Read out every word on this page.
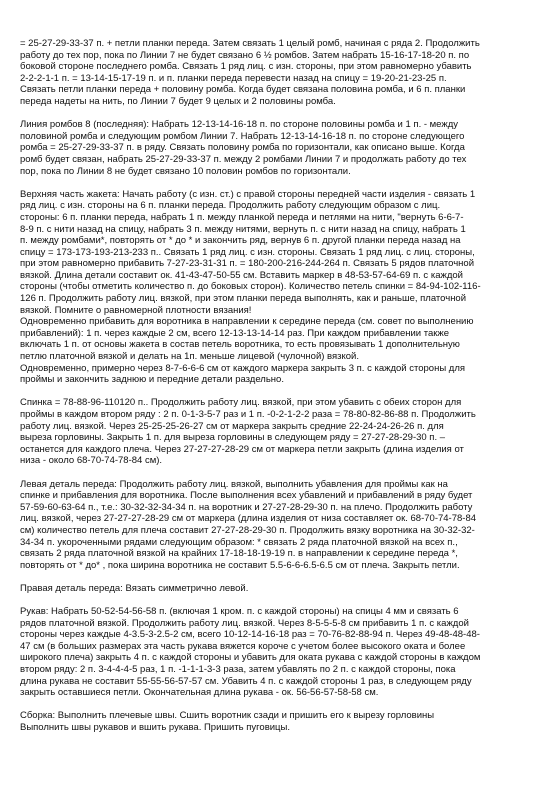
= 25-27-29-33-37 п. + петли планки переда. Затем связать 1 целый ромб, начиная с ряда 2. Продолжить
работу до тех пор, пока по Линии 7 не будет связано 6 ½ ромбов. Затем набрать 15-16-17-18-20 п. по
боковой стороне последнего ромба. Связать 1 ряд лиц. с изн. стороны, при этом равномерно убавить
2-2-2-1-1 п. = 13-14-15-17-19 п. и п. планки переда перевести назад на спицу = 19-20-21-23-25 п.
Связать петли планки переда + половину ромба. Когда будет связана половина ромба, и 6 п. планки
переда надеты на нить, по Линии 7 будет 9 целых и 2 половины ромба.
Линия ромбов 8 (последняя): Набрать 12-13-14-16-18 п. по стороне половины ромба и 1 п. - между
половиной ромба и следующим ромбом Линии 7. Набрать 12-13-14-16-18 п. по стороне следующего
ромба = 25-27-29-33-37 п. в ряду. Связать половину ромба по горизонтали, как описано выше. Когда
ромб будет связан, набрать 25-27-29-33-37 п. между 2 ромбами Линии 7 и продолжать работу до тех
пор, пока по Линии 8 не будет связано 10 половин ромбов по горизонтали.
Верхняя часть жакета: Начать работу (с изн. ст.) с правой стороны передней части изделия - связать 1
ряд лиц. с изн. стороны на 6 п. планки переда. Продолжить работу следующим образом с лиц.
стороны: 6 п. планки переда, набрать 1 п. между планкой переда и петлями на нити, "вернуть 6-6-7-
8-9 п. с нити назад на спицу, набрать 3 п. между нитями, вернуть п. с нити назад на спицу, набрать 1
п. между ромбами*, повторять от * до * и закончить ряд, вернув 6 п. другой планки переда назад на
спицу = 173-173-193-213-233 п.. Связать 1 ряд лиц. с изн. стороны. Связать 1 ряд лиц. с лиц. стороны,
при этом равномерно прибавить 7-27-23-31-31 п. = 180-200-216-244-264 п. Связать 5 рядов платочной
вязкой. Длина детали составит ок. 41-43-47-50-55 см. Вставить маркер в 48-53-57-64-69 п. с каждой
стороны (чтобы отметить количество п. до боковых сторон). Количество петель спинки = 84-94-102-116-
126 п. Продолжить работу лиц. вязкой, при этом планки переда выполнять, как и раньше, платочной
вязкой. Помните о равномерной плотности вязания!
Одновременно прибавить для воротника в направлении к середине переда (см. совет по выполнению
прибавлений): 1 п. через каждые 2 см, всего 12-13-13-14-14 раз. При каждом прибавлении также
включать 1 п. от основы жакета в состав петель воротника, то есть провязывать 1 дополнительную
петлю платочной вязкой и делать на 1п. меньше лицевой (чулочной) вязкой.
Одновременно, примерно через 8-7-6-6-6 см от каждого маркера закрыть 3 п. с каждой стороны для
проймы и закончить заднюю и передние детали раздельно.
Спинка = 78-88-96-110120 п.. Продолжить работу лиц. вязкой, при этом убавить с обеих сторон для
проймы в каждом втором ряду : 2 п. 0-1-3-5-7 раз и 1 п. -0-2-1-2-2 раза = 78-80-82-86-88 п. Продолжить
работу лиц. вязкой. Через 25-25-25-26-27 см от маркера закрыть средние 22-24-24-26-26 п. для
выреза горловины. Закрыть 1 п. для выреза горловины в следующем ряду = 27-27-28-29-30 п. –
останется для каждого плеча. Через 27-27-27-28-29 см от маркера петли закрыть (длина изделия от
низа - около 68-70-74-78-84 см).
Левая деталь переда: Продолжить работу лиц. вязкой, выполнить убавления для проймы как на
спинке и прибавления для воротника. После выполнения всех убавлений и прибавлений в ряду будет
57-59-60-63-64 п., т.е.: 30-32-32-34-34 п. на воротник и 27-27-28-29-30 п. на плечо. Продолжить работу
лиц. вязкой, через 27-27-27-28-29 см от маркера (длина изделия от низа составляет ок. 68-70-74-78-84
см) количество петель для плеча составит 27-27-28-29-30 п. Продолжить вязку воротника на 30-32-32-
34-34 п. укороченными рядами следующим образом: * связать 2 ряда платочной вязкой на всех п.,
связать 2 ряда платочной вязкой на крайних 17-18-18-19-19 п. в направлении к середине переда *,
повторять от * до* , пока ширина воротника не составит 5.5-6-6-6.5-6.5 см от плеча. Закрыть петли.
Правая деталь переда: Вязать симметрично левой.
Рукав: Набрать 50-52-54-56-58 п. (включая 1 кром. п. с каждой стороны) на спицы 4 мм и связать 6
рядов платочной вязкой. Продолжить работу лиц. вязкой. Через 8-5-5-5-8 см прибавить 1 п. с каждой
стороны через каждые 4-3.5-3-2.5-2 см, всего 10-12-14-16-18 раз = 70-76-82-88-94 п. Через 49-48-48-48-
47 см (в больших размерах эта часть рукава вяжется короче с учетом более высокого оката и более
широкого плеча) закрыть 4 п. с каждой стороны и убавить для оката рукава с каждой стороны в каждом
втором ряду: 2 п. 3-4-4-4-5 раз, 1 п. -1-1-1-3-3 раза, затем убавлять по 2 п. с каждой стороны, пока
длина рукава не составит 55-55-56-57-57 см. Убавить 4 п. с каждой стороны 1 раз, в следующем ряду
закрыть оставшиеся петли. Окончательная длина рукава - ок. 56-56-57-58-58 см.
Сборка: Выполнить плечевые швы. Сшить воротник сзади и пришить его к вырезу горловины
Выполнить швы рукавов и вшить рукава. Пришить пуговицы.
